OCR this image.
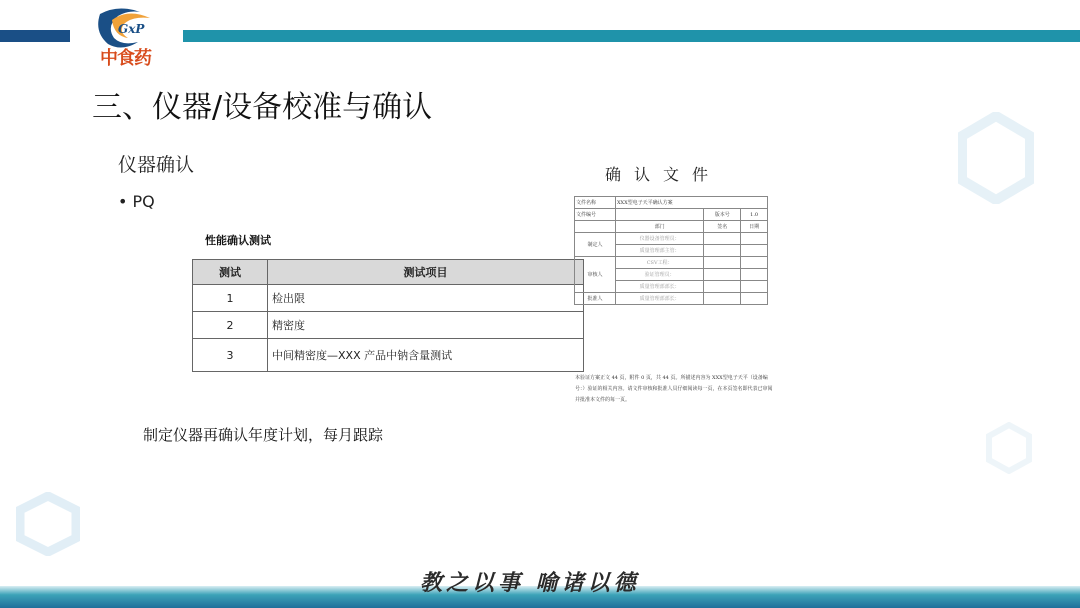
GxP
中食药
三、仪器/设备校准与确认
仪器确认
• PQ
性能确认测试
测试	测试项目
1	检出限
2	精密度
3	中间精密度—XXX 产品中钠含量测试
制定仪器再确认年度计划，每月跟踪
确认文件
文件名称	XXX型电子天平确认方案		
文件编号		版本号	1.0
	部门	签名	日期
制定人	仪器设备管理员：		
	质量管理部主管：		
审核人	CSV工程：		
	验证管理员：		
	质量管理部部长：		
批准人	质量管理部部长：		
本验证方案正文 44 页，附件 0 页，共 44 页。所描述内容为 XXX型电子天平（设备编号：）验证的相关内容。请文件审核和批准人员仔细阅读每一页，在本页签名即代表已审阅并批准本文件的每一页。
教之以事 喻诸以德
